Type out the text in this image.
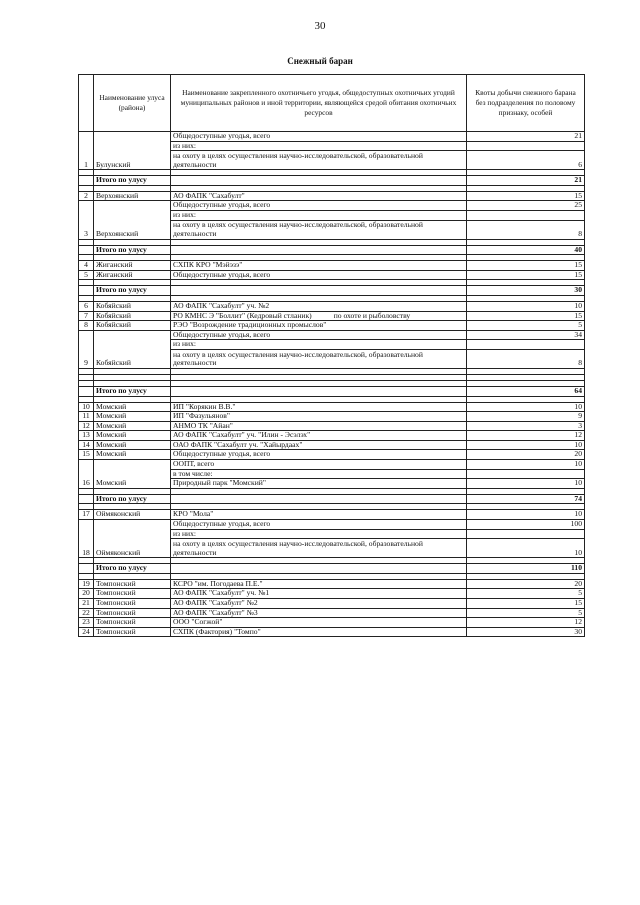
30
Снежный баран
	Наименование улуса (района)	Наименование закрепленного охотничьего угодья, общедоступных охотничьих угодий муниципальных районов и иной территории, являющейся средой обитания охотничьих ресурсов	Квоты добычи снежного барана без подразделения по половому признаку, особей
1	Булунский	Общедоступные угодья, всего	21
		из них:	
		на охоту в целях осуществления научно-исследовательской, образовательной деятельности	6

	Итого по улусу		21

2	Верхоянский	АО ФАПК "Сахабулт"	15
3	Верхоянский	Общедоступные угодья, всего	25
		из них:	
		на охоту в целях осуществления научно-исследовательской, образовательной деятельности	8

	Итого по улусу		40

4	Жиганский	СХПК КРО "Мэйэзэ"	15
5	Жиганский	Общедоступные угодья, всего	15

	Итого по улусу		30

6	Кобяйский	АО ФАПК "Сахабулт" уч. №2	10
7	Кобяйский	РО КМНС Э "Боллит" (Кедровый стланик) по охоте и рыболовству	15
8	Кобяйский	РЭО "Возрождение традиционных промыслов"	5
9	Кобяйский	Общедоступные угодья, всего	34
		из них:	
		на охоту в целях осуществления научно-исследовательской, образовательной деятельности	8

	Итого по улусу		64

10	Момский	ИП "Корякин В.В."	10
11	Момский	ИП "Фазульянов"	9
12	Момский	АНМО ТК "Айан"	3
13	Момский	АО ФАПК "Сахабулт" уч. "Илин - Эсэлэх"	12
14	Момский	ОАО ФАПК "Сахабулт уч. "Хайырдаах"	10
15	Момский	Общедоступные угодья, всего	20
16	Момский	ООПТ, всего	10
		в том числе:	
		Природный парк "Момский"	10

	Итого по улусу		74

17	Оймяконский	КРО "Мола"	10
18	Оймяконский	Общедоступные угодья, всего	100
		из них:	
		на охоту в целях осуществления научно-исследовательской, образовательной деятельности	10

	Итого по улусу		110

19	Томпонский	КСРО "им. Погодаева П.Е."	20
20	Томпонский	АО ФАПК "Сахабулт" уч. №1	5
21	Томпонский	АО ФАПК "Сахабулт" №2	15
22	Томпонский	АО ФАПК "Сахабулт" №3	5
23	Томпонский	ООО "Согжой"	12
24	Томпонский	СХПК (Фактория) "Томпо"	30
